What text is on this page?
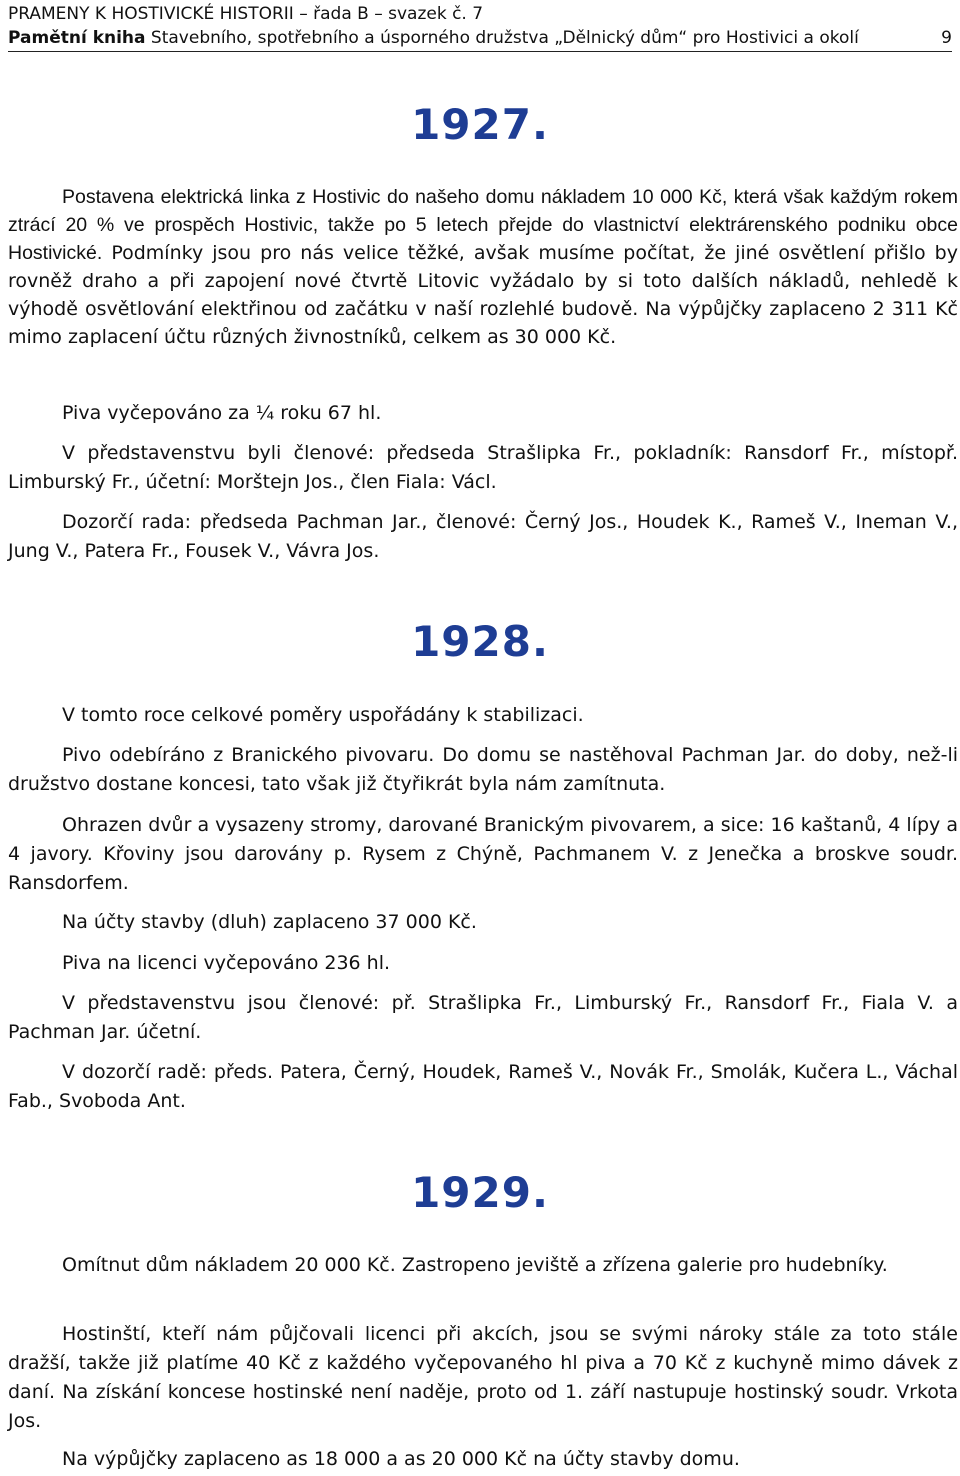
PRAMENY K HOSTIVICKÉ HISTORII – řada B – svazek č. 7
Pamětní kniha Stavebního, spotřebního a úsporného družstva „Dělnický dům“ pro Hostivici a okolí	9
1927.
Postavena elektrická linka z Hostivic do našeho domu nákladem 10 000 Kč, která však každým rokem ztrácí 20 % ve prospěch Hostivic, takže po 5 letech přejde do vlastnictví elektrárenského podniku obce Hostivické. Podmínky jsou pro nás velice těžké, avšak musíme počítat, že jiné osvětlení přišlo by rovněž draho a při zapojení nové čtvrtě Litovic vyžádalo by si toto dalších nákladů, nehledě k výhodě osvětlování elektřinou od začátku v naší rozlehlé budově. Na výpůjčky zaplaceno 2 311 Kč mimo zaplacení účtu různých živnostníků, celkem as 30 000 Kč.
Piva vyčepováno za ¼ roku 67 hl.
V představenstvu byli členové: předseda Strašlipka Fr., pokladník: Ransdorf Fr., místopř. Limburský Fr., účetní: Morštejn Jos., člen Fiala: Václ.
Dozorčí rada: předseda Pachman Jar., členové: Černý Jos., Houdek K., Rameš V., Ineman V., Jung V., Patera Fr., Fousek V., Vávra Jos.
1928.
V tomto roce celkové poměry uspořádány k stabilizaci.
Pivo odebíráno z Branického pivovaru. Do domu se nastěhoval Pachman Jar. do doby, než-li družstvo dostane koncesi, tato však již čtyřikrát byla nám zamítnuta.
Ohrazen dvůr a vysazeny stromy, darované Branickým pivovarem, a sice: 16 kaštanů, 4 lípy a 4 javory. Křoviny jsou darovány p. Rysem z Chýně, Pachmanem V. z Jenečka a broskve soudr. Ransdorfem.
Na účty stavby (dluh) zaplaceno 37 000 Kč.
Piva na licenci vyčepováno 236 hl.
V představenstvu jsou členové: př. Strašlipka Fr., Limburský Fr., Ransdorf Fr., Fiala V. a Pachman Jar. účetní.
V dozorčí radě: předs. Patera, Černý, Houdek, Rameš V., Novák Fr., Smolák, Kučera L., Váchal Fab., Svoboda Ant.
1929.
Omítnut dům nákladem 20 000 Kč. Zastropeno jeviště a zřízena galerie pro hudebníky.
Hostinští, kteří nám půjčovali licenci při akcích, jsou se svými nároky stále za toto stále dražší, takže již platíme 40 Kč z každého vyčepovaného hl piva a 70 Kč z kuchyně mimo dávek z daní. Na získání koncese hostinské není naděje, proto od 1. září nastupuje hostinský soudr. Vrkota Jos.
Na výpůjčky zaplaceno as 18 000 a as 20 000 Kč na účty stavby domu.
